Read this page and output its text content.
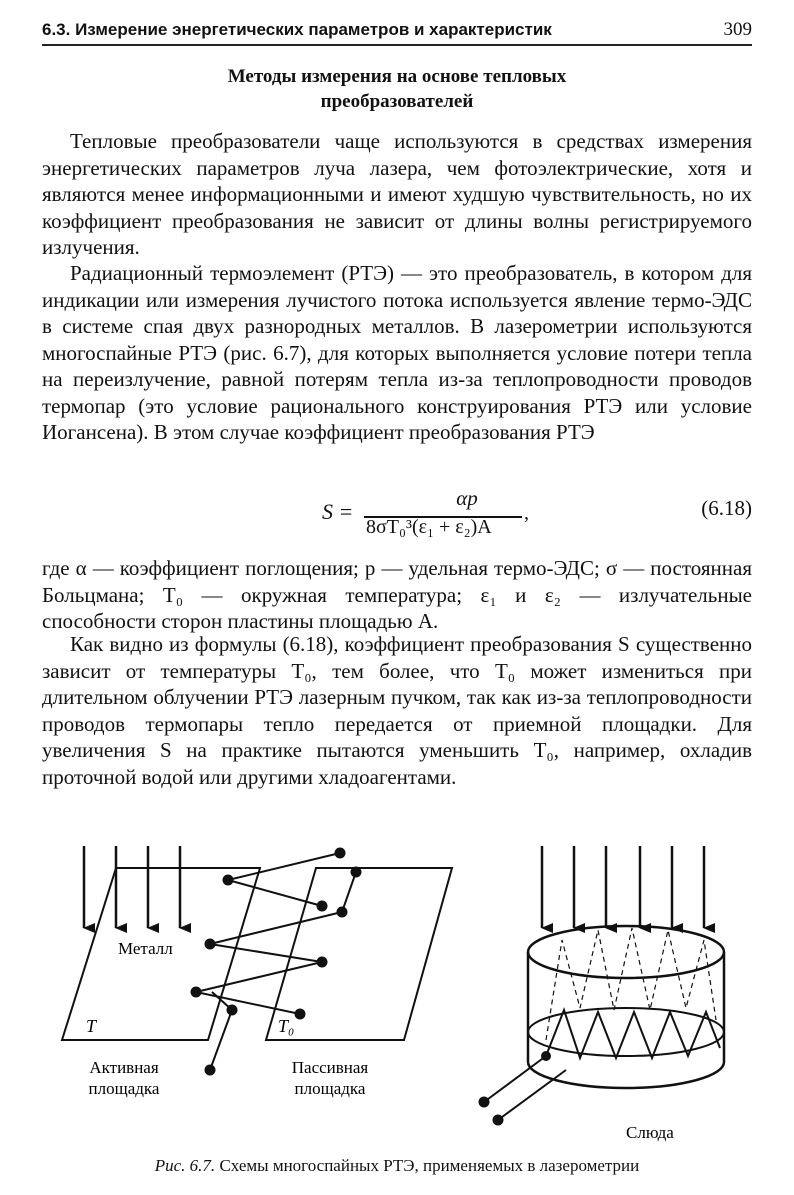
6.3. Измерение энергетических параметров и характеристик	309
Методы измерения на основе тепловых
преобразователей

Тепловые преобразователи чаще используются в средствах измерения энергетических параметров луча лазера, чем фотоэлектрические, хотя и являются менее информационными и имеют худшую чувствительность, но их коэффициент преобразования не зависит от длины волны регистрируемого излучения.

Радиационный термоэлемент (РТЭ) — это преобразователь, в котором для индикации или измерения лучистого потока используется явление термо-ЭДС в системе спая двух разнородных металлов. В лазерометрии используются многоспайные РТЭ (рис. 6.7), для которых выполняется условие потери тепла на переизлучение, равной потерям тепла из-за теплопроводности проводов термопар (это условие рационального конструирования РТЭ или условие Иогансена). В этом случае коэффициент преобразования РТЭ

S =
αp
8σT₀³(ε₁ + ε₂)A
,	(6.18)

где α — коэффициент поглощения; p — удельная термо-ЭДС; σ — постоянная Больцмана; T₀ — окружная температура; ε₁ и ε₂ — излучательные способности сторон пластины площадью A.

Как видно из формулы (6.18), коэффициент преобразования S существенно зависит от температуры T₀, тем более, что T₀ может измениться при длительном облучении РТЭ лазерным пучком, так как из-за теплопроводности проводов термопары тепло передается от приемной площадки. Для увеличения S на практике пытаются уменьшить T₀, например, охладив проточной водой или другими хладоагентами.

Металл
T	T₀
Активная
площадка
Пассивная
площадка
Слюда
Рис. 6.7. Схемы многоспайных РТЭ, применяемых в лазерометрии
